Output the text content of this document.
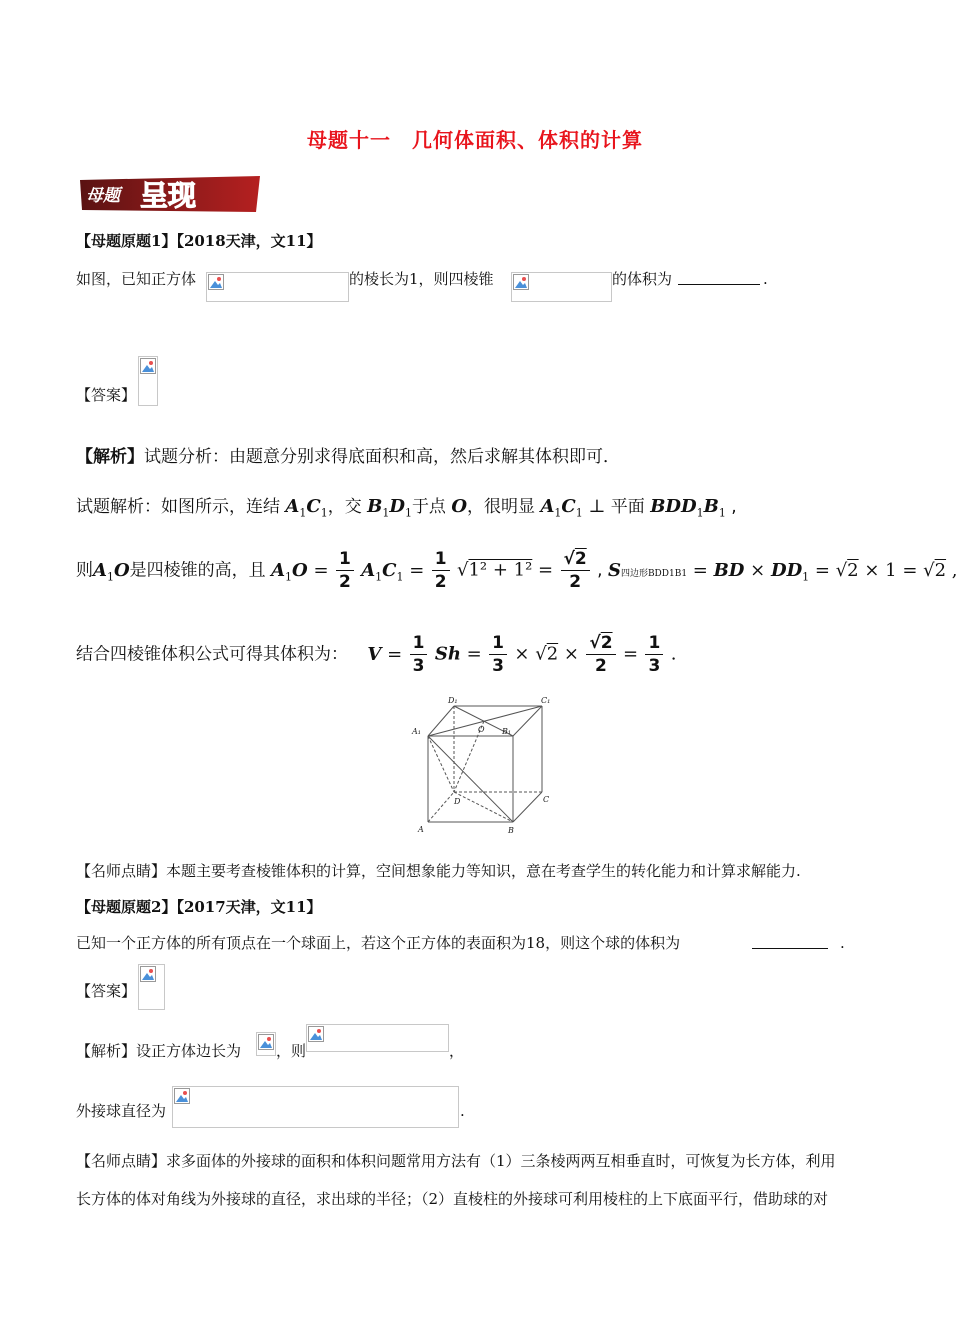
母题十一　几何体面积、体积的计算
母题 呈现
【母题原题1】【2018天津，文11】
如图，已知正方体	的棱长为1，则四棱锥	的体积为	.
【答案】
【解析】试题分析：由题意分别求得底面积和高，然后求解其体积即可．
试题解析：如图所示，连结 $A_1C_1$，交 $B_1D_1$于点 O，很明显 $A_1C_1$ ⊥ 平面 $BDD_1B_1$ ,
则$A_1O$是四棱锥的高，且 $A_1O = \frac{1}{2} A_1C_1 = \frac{1}{2} √1^2 + 1^2 = \frac{√2}{2}$ , S四边形BDD1B1 = BD × $DD_1 = √2 \times 1 = √2$ ,
结合四棱锥体积公式可得其体积为： $V = \frac{1}{3}$ $Sh = \frac{1}{3} \times √2 \times \frac{√2}{2} = \frac{1}{3}$ .
D₁	C₁
A₁	B₁
O
D	C
A	B
【名师点睛】本题主要考查棱锥体积的计算，空间想象能力等知识，意在考查学生的转化能力和计算求解能力.
【母题原题2】【2017天津，文11】
已知一个正方体的所有顶点在一个球面上，若这个正方体的表面积为18，则这个球的体积为	.
【答案】
【解析】设正方体边长为 ，则	，
外接球直径为	.
【名师点睛】求多面体的外接球的面积和体积问题常用方法有（1）三条棱两两互相垂直时，可恢复为长方体，利用
长方体的体对角线为外接球的直径，求出球的半径；（2）直棱柱的外接球可利用棱柱的上下底面平行，借助球的对
